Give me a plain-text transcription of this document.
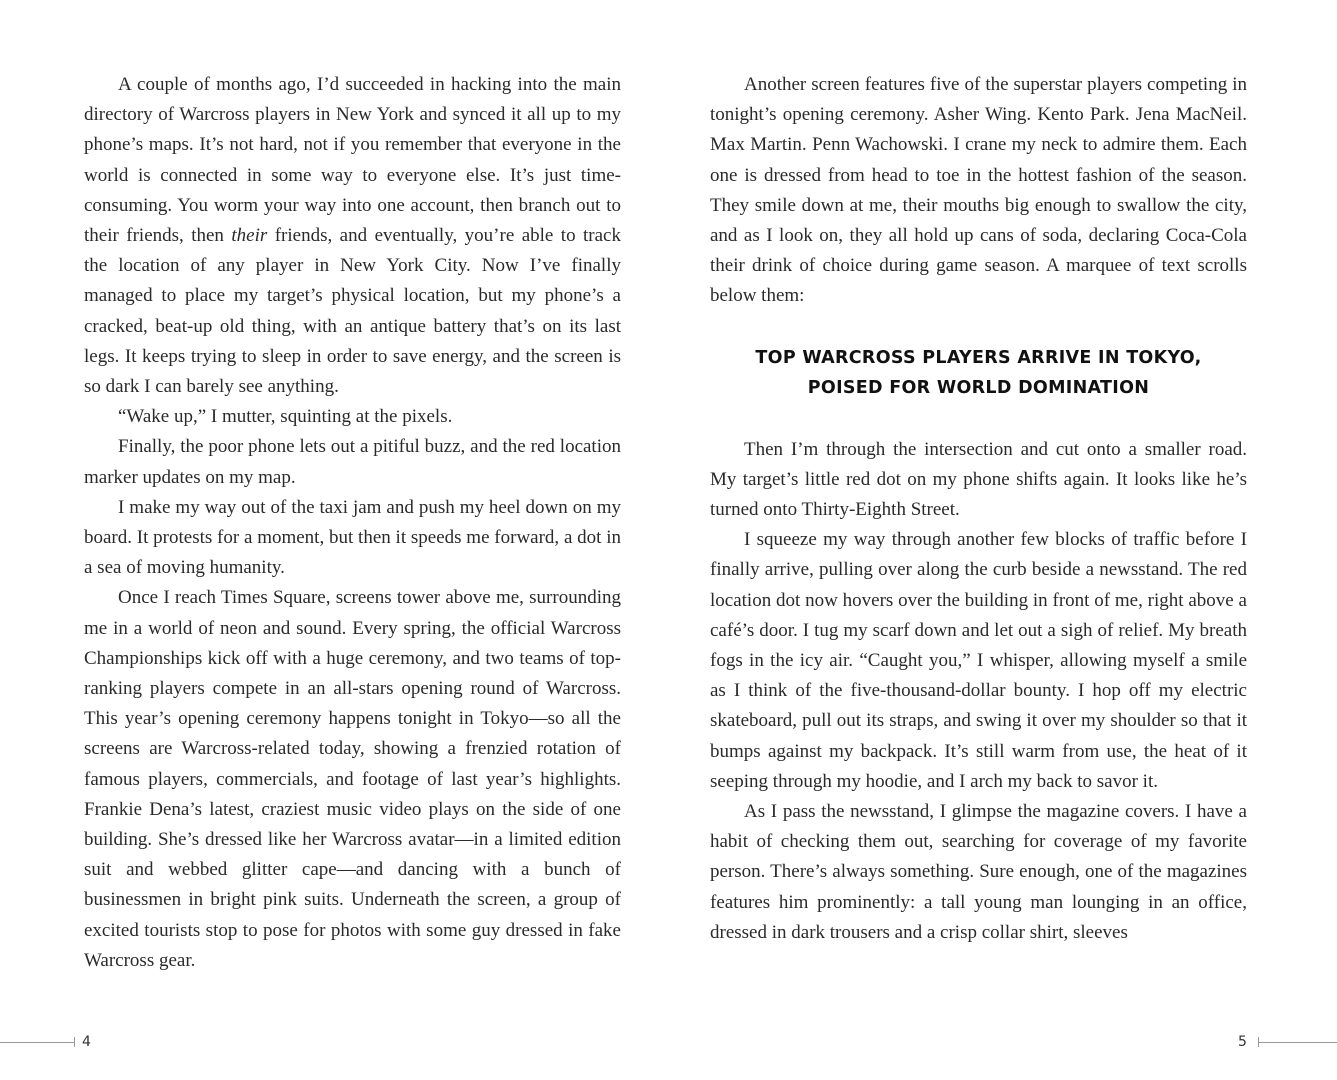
A couple of months ago, I’d succeeded in hacking into the main directory of Warcross players in New York and synced it all up to my phone’s maps. It’s not hard, not if you remember that everyone in the world is connected in some way to everyone else. It’s just time-consuming. You worm your way into one account, then branch out to their friends, then their friends, and eventually, you’re able to track the location of any player in New York City. Now I’ve finally managed to place my target’s physical location, but my phone’s a cracked, beat-up old thing, with an antique battery that’s on its last legs. It keeps trying to sleep in order to save energy, and the screen is so dark I can barely see anything.

“Wake up,” I mutter, squinting at the pixels.

Finally, the poor phone lets out a pitiful buzz, and the red location marker updates on my map.

I make my way out of the taxi jam and push my heel down on my board. It protests for a moment, but then it speeds me forward, a dot in a sea of moving humanity.

Once I reach Times Square, screens tower above me, surrounding me in a world of neon and sound. Every spring, the official Warcross Championships kick off with a huge ceremony, and two teams of top-ranking players compete in an all-stars opening round of Warcross. This year’s opening ceremony happens tonight in Tokyo—so all the screens are Warcross-related today, showing a frenzied rotation of famous players, commercials, and footage of last year’s highlights. Frankie Dena’s latest, craziest music video plays on the side of one building. She’s dressed like her Warcross avatar—in a limited edition suit and webbed glitter cape—and dancing with a bunch of businessmen in bright pink suits. Underneath the screen, a group of excited tourists stop to pose for photos with some guy dressed in fake Warcross gear.

Another screen features five of the superstar players competing in tonight’s opening ceremony. Asher Wing. Kento Park. Jena MacNeil. Max Martin. Penn Wachowski. I crane my neck to admire them. Each one is dressed from head to toe in the hottest fashion of the season. They smile down at me, their mouths big enough to swallow the city, and as I look on, they all hold up cans of soda, declaring Coca-Cola their drink of choice during game season. A marquee of text scrolls below them:

TOP WARCROSS PLAYERS ARRIVE IN TOKYO,
POISED FOR WORLD DOMINATION

Then I’m through the intersection and cut onto a smaller road. My target’s little red dot on my phone shifts again. It looks like he’s turned onto Thirty-Eighth Street.

I squeeze my way through another few blocks of traffic before I finally arrive, pulling over along the curb beside a newsstand. The red location dot now hovers over the building in front of me, right above a café’s door. I tug my scarf down and let out a sigh of relief. My breath fogs in the icy air. “Caught you,” I whisper, allowing myself a smile as I think of the five-thousand-dollar bounty. I hop off my electric skateboard, pull out its straps, and swing it over my shoulder so that it bumps against my backpack. It’s still warm from use, the heat of it seeping through my hoodie, and I arch my back to savor it.

As I pass the newsstand, I glimpse the magazine covers. I have a habit of checking them out, searching for coverage of my favorite person. There’s always something. Sure enough, one of the magazines features him prominently: a tall young man lounging in an office, dressed in dark trousers and a crisp collar shirt, sleeves

4	5
